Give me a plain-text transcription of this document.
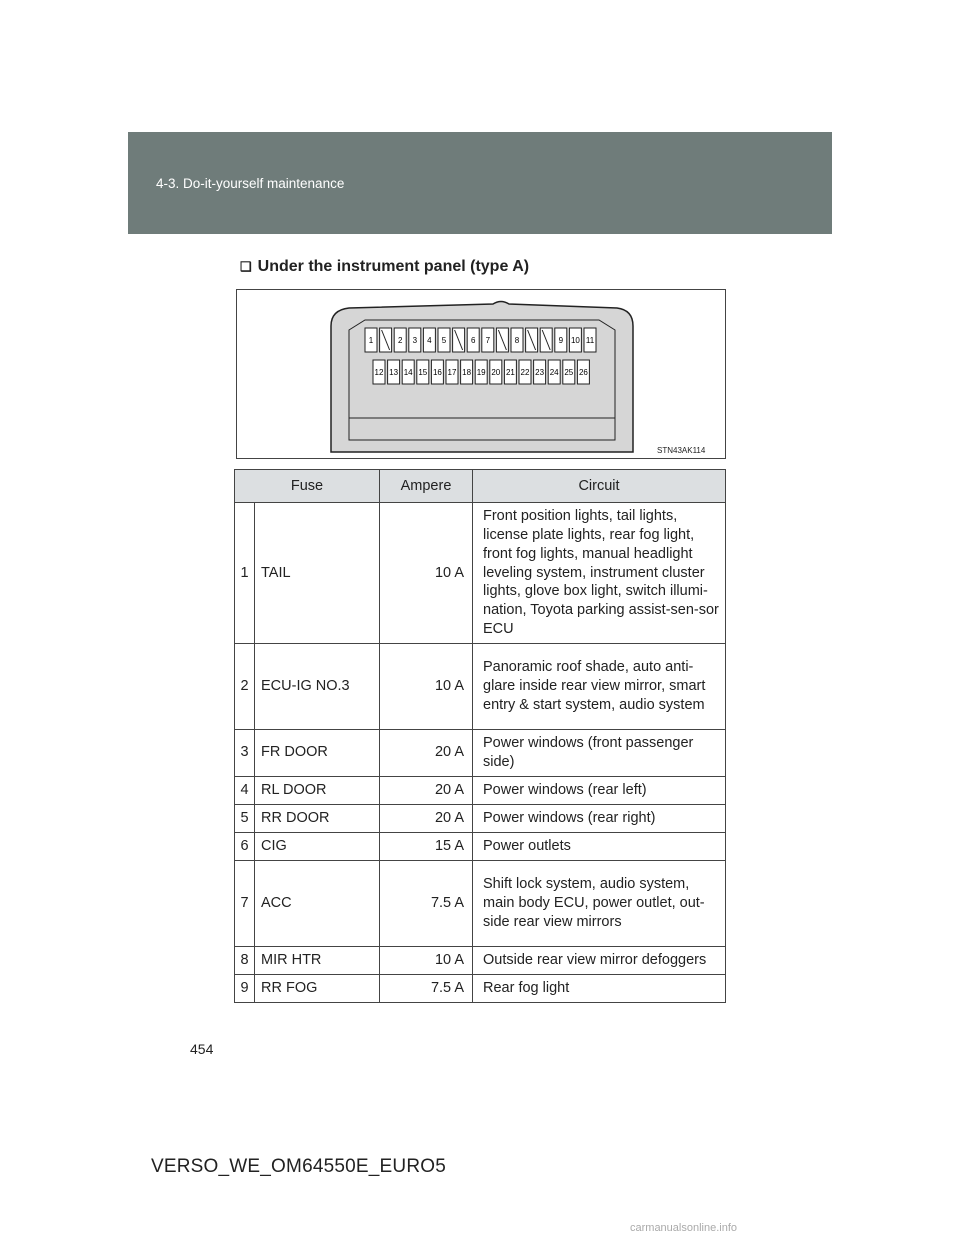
4-3. Do-it-yourself maintenance
❑ Under the instrument panel (type A)
1	2 3 4 5	6 7	8	9 10 11
12 13 14 15 16 17 18 19 20 21 22 23 24 25 26
STN43AK114
Fuse		Ampere	Circuit
1	TAIL	10 A	Front position lights, tail lights, license plate lights, rear fog light, front fog lights, manual headlight leveling system, instrument cluster lights, glove box light, switch illumi-nation, Toyota parking assist-sen-sor ECU
2	ECU-IG NO.3	10 A	Panoramic roof shade, auto anti-glare inside rear view mirror, smart entry & start system, audio system
3	FR DOOR	20 A	Power windows (front passenger side)
4	RL DOOR	20 A	Power windows (rear left)
5	RR DOOR	20 A	Power windows (rear right)
6	CIG	15 A	Power outlets
7	ACC	7.5 A	Shift lock system, audio system, main body ECU, power outlet, out-side rear view mirrors
8	MIR HTR	10 A	Outside rear view mirror defoggers
9	RR FOG	7.5 A	Rear fog light
454
VERSO_WE_OM64550E_EURO5
carmanualsonline.info
